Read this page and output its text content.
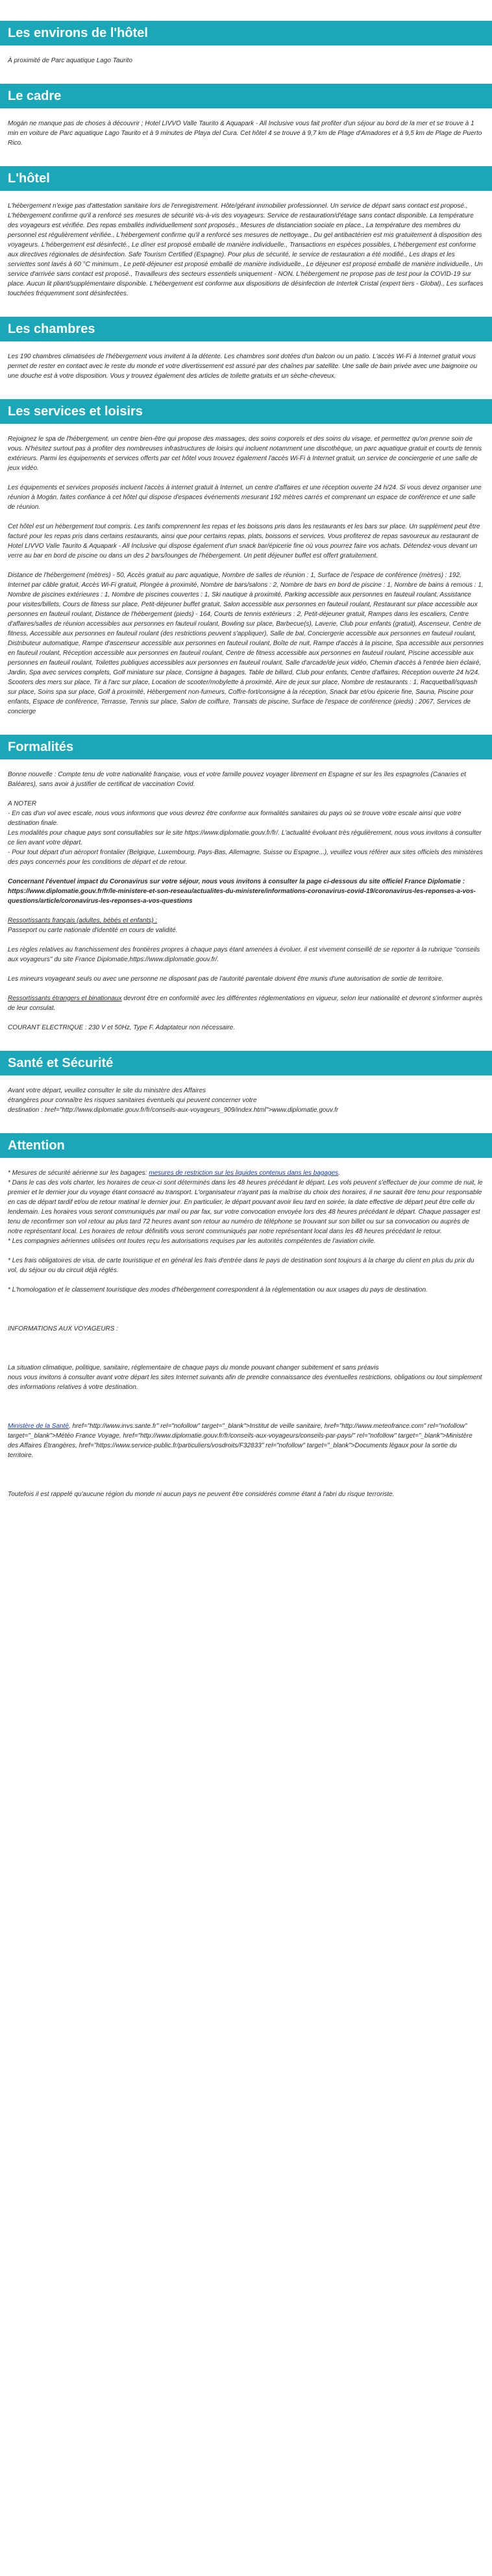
Les environs de l'hôtel

À proximité de Parc aquatique Lago Taurito

Le cadre

Mogán ne manque pas de choses à découvrir ; Hotel LIVVO Valle Taurito & Aquapark - All Inclusive vous fait profiter d'un séjour au bord de la mer et se trouve à 1 min en voiture de Parc aquatique Lago Taurito et à 9 minutes de Playa del Cura. Cet hôtel 4 se trouve à 9,7 km de Plage d'Amadores et à 9,5 km de Plage de Puerto Rico.

L'hôtel

L'hébergement n'exige pas d'attestation sanitaire lors de l'enregistrement. Hôte/gérant immobilier professionnel. Un service de départ sans contact est proposé., L'hébergement confirme qu'il a renforcé ses mesures de sécurité vis-à-vis des voyageurs. Service de restauration/d'étage sans contact disponible. La température des voyageurs est vérifiée. Des repas emballés individuellement sont proposés., Mesures de distanciation sociale en place., La température des membres du personnel est régulièrement vérifiée., L'hébergement confirme qu'il a renforcé ses mesures de nettoyage., Du gel antibactérien est mis gratuitement à disposition des voyageurs. L'hébergement est désinfecté., Le dîner est proposé emballé de manière individuelle., Transactions en espèces possibles, L'hébergement est conforme aux directives régionales de désinfection. Safe Tourism Certified (Espagne). Pour plus de sécurité, le service de restauration a été modifié., Les draps et les serviettes sont lavés à 60 °C minimum., Le petit-déjeuner est proposé emballé de manière individuelle., Le déjeuner est proposé emballé de manière individuelle., Un service d'arrivée sans contact est proposé., Travailleurs des secteurs essentiels uniquement - NON. L'hébergement ne propose pas de test pour la COVID-19 sur place. Aucun lit pliant/supplémentaire disponible. L'hébergement est conforme aux dispositions de désinfection de Intertek Cristal (expert tiers - Global)., Les surfaces touchées fréquemment sont désinfectées.

Les chambres

Les 190 chambres climatisées de l'hébergement vous invitent à la détente. Les chambres sont dotées d'un balcon ou un patio. L'accès Wi-Fi à Internet gratuit vous permet de rester en contact avec le reste du monde et votre divertissement est assuré par des chaînes par satellite. Une salle de bain privée avec une baignoire ou une douche est à votre disposition. Vous y trouvez également des articles de toilette gratuits et un sèche-cheveux.

Les services et loisirs

Rejoignez le spa de l'hébergement, un centre bien-être qui propose des massages, des soins corporels et des soins du visage, et permettez qu'on prenne soin de vous. N'hésitez surtout pas à profiter des nombreuses infrastructures de loisirs qui incluent notamment une discothèque, un parc aquatique gratuit et courts de tennis extérieurs. Parmi les équipements et services offerts par cet hôtel vous trouvez également l'accès Wi-Fi à Internet gratuit, un service de conciergerie et une salle de jeux vidéo.

Les équipements et services proposés incluent l'accès à internet gratuit à Internet, un centre d'affaires et une réception ouverte 24 h/24. Si vous devez organiser une réunion à Mogán, faites confiance à cet hôtel qui dispose d'espaces événements mesurant 192 mètres carrés et comprenant un espace de conférence et une salle de réunion.

Cet hôtel est un hébergement tout compris. Les tarifs comprennent les repas et les boissons pris dans les restaurants et les bars sur place. Un supplément peut être facturé pour les repas pris dans certains restaurants, ainsi que pour certains repas, plats, boissons et services. Vous profiterez de repas savoureux au restaurant de Hotel LIVVO Valle Taurito & Aquapark - All Inclusive qui dispose également d'un snack bar/épicerie fine où vous pourrez faire vos achats. Détendez-vous devant un verre au bar en bord de piscine ou dans un des 2 bars/lounges de l'hébergement. Un petit déjeuner buffet est offert gratuitement.

Distance de l'hébergement (mètres) - 50, Accès gratuit au parc aquatique, Nombre de salles de réunion : 1, Surface de l'espace de conférence (mètres) : 192, Internet par câble gratuit, Accès Wi-Fi gratuit, Plongée à proximité, Nombre de bars/salons : 2, Nombre de bars en bord de piscine : 1, Nombre de bains à remous : 1, Nombre de piscines extérieures : 1, Nombre de piscines couvertes : 1, Ski nautique à proximité, Parking accessible aux personnes en fauteuil roulant, Assistance pour visites/billets, Cours de fitness sur place, Petit-déjeuner buffet gratuit, Salon accessible aux personnes en fauteuil roulant, Restaurant sur place accessible aux personnes en fauteuil roulant, Distance de l'hébergement (pieds) - 164, Courts de tennis extérieurs : 2, Petit-déjeuner gratuit, Rampes dans les escaliers, Centre d'affaires/salles de réunion accessibles aux personnes en fauteuil roulant, Bowling sur place, Barbecue(s), Laverie, Club pour enfants (gratuit), Ascenseur, Centre de fitness, Accessible aux personnes en fauteuil roulant (des restrictions peuvent s'appliquer), Salle de bal, Conciergerie accessible aux personnes en fauteuil roulant, Distributeur automatique, Rampe d'ascenseur accessible aux personnes en fauteuil roulant, Boîte de nuit, Rampe d'accès à la piscine, Spa accessible aux personnes en fauteuil roulant, Réception accessible aux personnes en fauteuil roulant, Centre de fitness accessible aux personnes en fauteuil roulant, Piscine accessible aux personnes en fauteuil roulant, Toilettes publiques accessibles aux personnes en fauteuil roulant, Salle d'arcade/de jeux vidéo, Chemin d'accès à l'entrée bien éclairé, Jardin, Spa avec services complets, Golf miniature sur place, Consigne à bagages, Table de billard, Club pour enfants, Centre d'affaires, Réception ouverte 24 h/24, Scooters des mers sur place, Tir à l'arc sur place, Location de scooter/mobylette à proximité, Aire de jeux sur place, Nombre de restaurants : 1, Racquetball/squash sur place, Soins spa sur place, Golf à proximité, Hébergement non-fumeurs, Coffre-fort/consigne à la réception, Snack bar et/ou épicerie fine, Sauna, Piscine pour enfants, Espace de conférence, Terrasse, Tennis sur place, Salon de coiffure, Transats de piscine, Surface de l'espace de conférence (pieds) : 2067, Services de concierge

Formalités

Bonne nouvelle : Compte tenu de votre nationalité française, vous et votre famille pouvez voyager librement en Espagne et sur les îles espagnoles (Canaries et Baléares), sans avoir à justifier de certificat de vaccination Covid.

A NOTER

- En cas d'un vol avec escale, nous vous informons que vous devrez être conforme aux formalités sanitaires du pays où se trouve votre escale ainsi que votre destination finale.
Les modalités pour chaque pays sont consultables sur le site https://www.diplomatie.gouv.fr/fr/. L'actualité évoluant très régulièrement, nous vous invitons à consulter ce lien avant votre départ.
- Pour tout départ d'un aéroport frontalier (Belgique, Luxembourg, Pays-Bas, Allemagne, Suisse ou Espagne...), veuillez vous référer aux sites officiels des ministères des pays concernés pour les conditions de départ et de retour.

Concernant l'éventuel impact du Coronavirus sur votre séjour, nous vous invitons à consulter la page ci-dessous du site officiel France Diplomatie : https://www.diplomatie.gouv.fr/fr/le-ministere-et-son-reseau/actualites-du-ministere/informations-coronavirus-covid-19/coronavirus-les-reponses-a-vos-questions/article/coronavirus-les-reponses-a-vos-questions

Ressortissants français (adultes, bébés et enfants) :

Passeport ou carte nationale d'identité en cours de validité.

Les règles relatives au franchissement des frontières propres à chaque pays étant amenées à évoluer, il est vivement conseillé de se reporter à la rubrique "conseils aux voyageurs" du site France Diplomatie,https://www.diplomatie.gouv.fr/.

Les mineurs voyageant seuls ou avec une personne ne disposant pas de l'autorité parentale doivent être munis d'une autorisation de sortie de territoire.

Ressortissants étrangers et binationaux devront être en conformité avec les différentes réglementations en vigueur, selon leur nationalité et devront s'informer auprès de leur consulat.

COURANT ELECTRIQUE : 230 V et 50Hz, Type F. Adaptateur non nécessaire.

Santé et Sécurité

Avant votre départ, veuillez consulter le site du ministère des Affaires
étrangères pour connaître les risques sanitaires éventuels qui peuvent concerner votre
destination : href="http://www.diplomatie.gouv.fr/fr/conseils-aux-voyageurs_909/index.html">www.diplomatie.gouv.fr

Attention

* Mesures de sécurité aérienne sur les bagages: mesures de restriction sur les liquides contenus dans les bagages.
* Dans le cas des vols charter, les horaires de ceux-ci sont déterminés dans les 48 heures précédant le départ. Les vols peuvent s'effectuer de jour comme de nuit, le premier et le dernier jour du voyage étant consacré au transport. L'organisateur n'ayant pas la maîtrise du choix des horaires, il ne saurait être tenu pour responsable en cas de départ tardif et/ou de retour matinal le dernier jour. En particulier, le départ pouvant avoir lieu tard en soirée, la date effective de départ peut être celle du lendemain. Les horaires vous seront communiqués par mail ou par fax, sur votre convocation envoyée lors des 48 heures précédant le départ. Chaque passager est tenu de reconfirmer son vol retour au plus tard 72 heures avant son retour au numéro de téléphone se trouvant sur son billet ou sur sa convocation ou auprès de notre représentant local. Les horaires de retour définitifs vous seront communiqués par notre représentant local dans les 48 heures précédant le retour.
* Les compagnies aériennes utilisées ont toutes reçu les autorisations requises par les autorités compétentes de l'aviation civile.

* Les frais obligatoires de visa, de carte touristique et en général les frais d'entrée dans le pays de destination sont toujours à la charge du client en plus du prix du vol, du séjour ou du circuit déjà réglés.

* L'homologation et le classement touristique des modes d'hébergement correspondent à la réglementation ou aux usages du pays de destination.

INFORMATIONS AUX VOYAGEURS :

La situation climatique, politique, sanitaire, réglementaire de chaque pays du monde pouvant changer subitement et sans préavis
nous vous invitons à consulter avant votre départ les sites Internet suivants afin de prendre connaissance des éventuelles restrictions, obligations ou tout simplement des informations relatives à votre destination.

Ministère de la Santé, href="http://www.invs.sante.fr" rel="nofollow" target="_blank">Institut de veille sanitaire, href="http://www.meteofrance.com" rel="nofollow" target="_blank">Météo France Voyage, href="http://www.diplomatie.gouv.fr/fr/conseils-aux-voyageurs/conseils-par-pays/" rel="nofollow" target="_blank">Ministère des Affaires Étrangères, href="https://www.service-public.fr/particuliers/vosdroits/F32833" rel="nofollow" target="_blank">Documents légaux pour la sortie du territoire.

Toutefois il est rappelé qu'aucune région du monde ni aucun pays ne peuvent être considérés comme étant à l'abri du risque terroriste.
